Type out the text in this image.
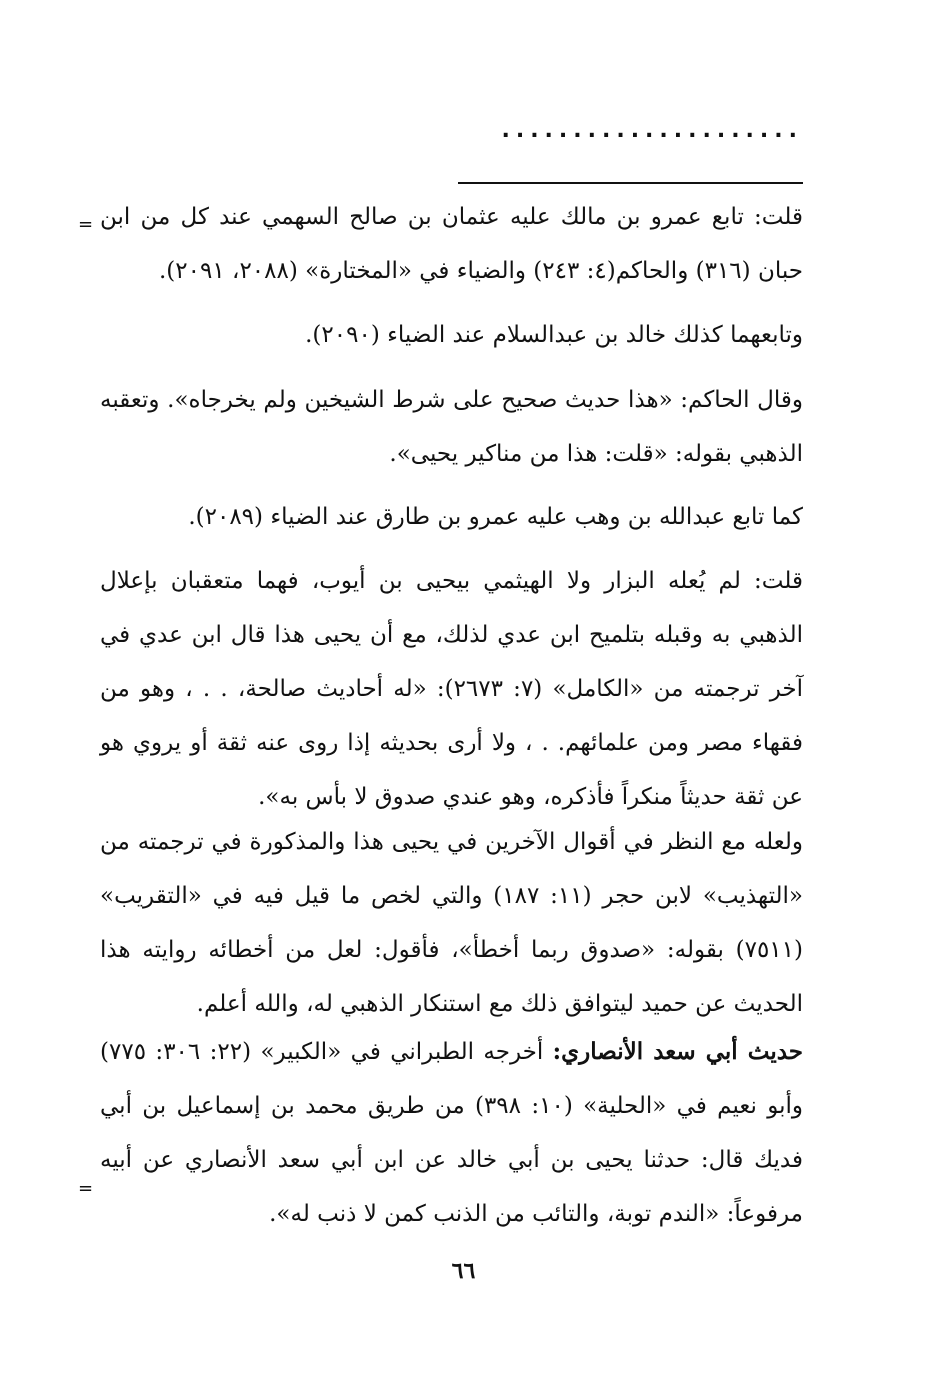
.....................
= قلت: تابع عمرو بن مالك عليه عثمان بن صالح السهمي عند كل من ابن حبان (٣١٦) والحاكم(٤: ٢٤٣) والضياء في «المختارة» (٢٠٨٨، ٢٠٩١).

وتابعهما كذلك خالد بن عبدالسلام عند الضياء (٢٠٩٠).

وقال الحاكم: «هذا حديث صحيح على شرط الشيخين ولم يخرجاه». وتعقبه الذهبي بقوله: «قلت: هذا من مناكير يحيى».

كما تابع عبدالله بن وهب عليه عمرو بن طارق عند الضياء (٢٠٨٩).

قلت: لم يُعله البزار ولا الهيثمي بيحيى بن أيوب، فهما متعقبان بإعلال الذهبي به وقبله بتلميح ابن عدي لذلك، مع أن يحيى هذا قال ابن عدي في آخر ترجمته من «الكامل» (٧: ٢٦٧٣): «له أحاديث صالحة، . . ، وهو من فقهاء مصر ومن علمائهم. . ، ولا أرى بحديثه إذا روى عنه ثقة أو يروي هو عن ثقة حديثاً منكراً فأذكره، وهو عندي صدوق لا بأس به».

ولعله مع النظر في أقوال الآخرين في يحيى هذا والمذكورة في ترجمته من «التهذيب» لابن حجر (١١: ١٨٧) والتي لخص ما قيل فيه في «التقريب» (٧٥١١) بقوله: «صدوق ربما أخطأ»، فأقول: لعل من أخطائه روايته هذا الحديث عن حميد ليتوافق ذلك مع استنكار الذهبي له، والله أعلم.

حديث أبي سعد الأنصاري: أخرجه الطبراني في «الكبير» (٢٢: ٣٠٦: ٧٧٥) وأبو نعيم في «الحلية» (١٠: ٣٩٨) من طريق محمد بن إسماعيل بن أبي فديك قال: حدثنا يحيى بن أبي خالد عن ابن أبي سعد الأنصاري عن أبيه مرفوعاً: «الندم توبة، والتائب من الذنب كمن لا ذنب له».

=
٦٦
